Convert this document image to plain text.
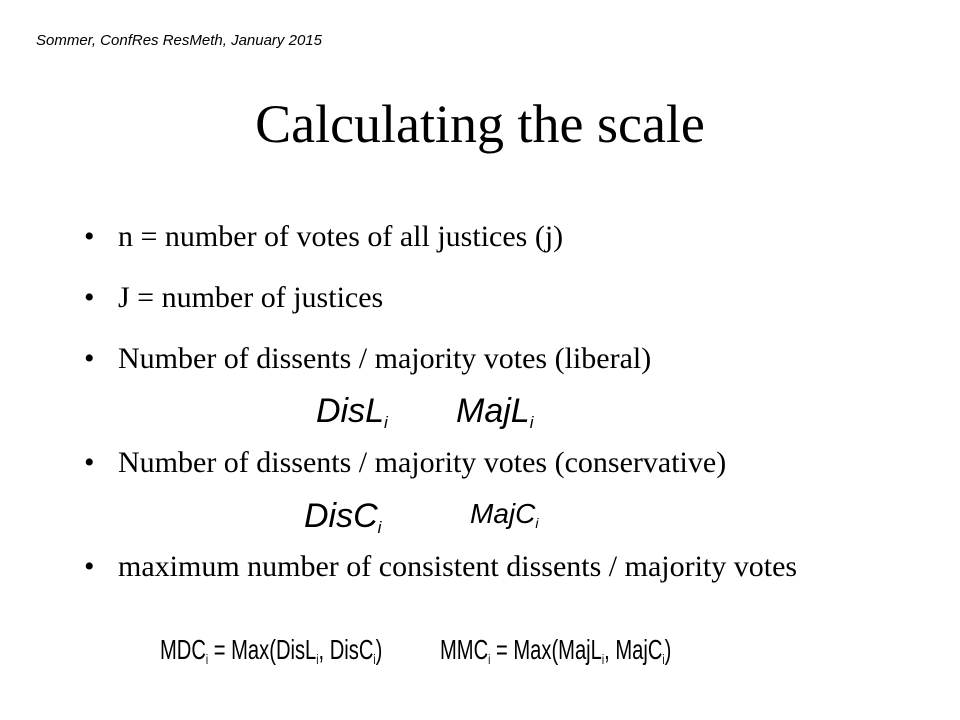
Sommer, ConfRes ResMeth, January 2015
Calculating the scale
• n = number of votes of all justices (j)
• J = number of justices
• Number of dissents / majority votes (liberal)
DisL$_i$ MajL$_i$
• Number of dissents / majority votes (conservative)
DisC$_i$	MajC$_i$
• maximum number of consistent dissents / majority votes
$MDC_i$ = Max(DisL$_i$, DisC$_i$)	$MMC_i$ = Max(MajL$_i$, MajC$_i$)
